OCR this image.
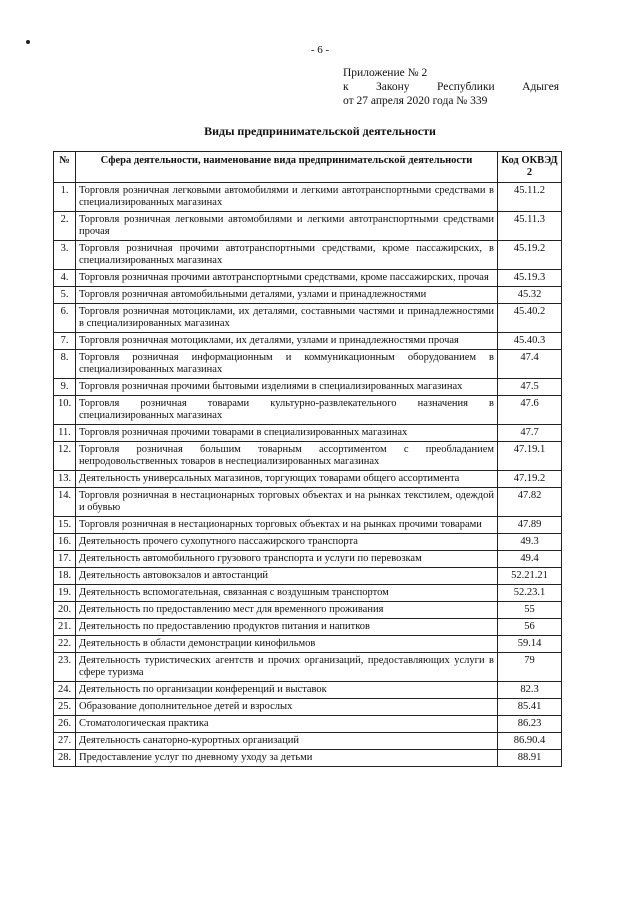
- 6 -
Приложение № 2
к Закону Республики Адыгея
от 27 апреля 2020 года № 339
Виды предпринимательской деятельности
№	Сфера деятельности, наименование вида предпринимательской деятельности	Код ОКВЭД 2
1.	Торговля розничная легковыми автомобилями и легкими автотранспортными средствами в специализированных магазинах	45.11.2
2.	Торговля розничная легковыми автомобилями и легкими автотранспортными средствами прочая	45.11.3
3.	Торговля розничная прочими автотранспортными средствами, кроме пассажирских, в специализированных магазинах	45.19.2
4.	Торговля розничная прочими автотранспортными средствами, кроме пассажирских, прочая	45.19.3
5.	Торговля розничная автомобильными деталями, узлами и принадлежностями	45.32
6.	Торговля розничная мотоциклами, их деталями, составными частями и принадлежностями в специализированных магазинах	45.40.2
7.	Торговля розничная мотоциклами, их деталями, узлами и принадлежностями прочая	45.40.3
8.	Торговля розничная информационным и коммуникационным оборудованием в специализированных магазинах	47.4
9.	Торговля розничная прочими бытовыми изделиями в специализированных магазинах	47.5
10.	Торговля розничная товарами культурно-развлекательного назначения в специализированных магазинах	47.6
11.	Торговля розничная прочими товарами в специализированных магазинах	47.7
12.	Торговля розничная большим товарным ассортиментом с преобладанием непродовольственных товаров в неспециализированных магазинах	47.19.1
13.	Деятельность универсальных магазинов, торгующих товарами общего ассортимента	47.19.2
14.	Торговля розничная в нестационарных торговых объектах и на рынках текстилем, одеждой и обувью	47.82
15.	Торговля розничная в нестационарных торговых объектах и на рынках прочими товарами	47.89
16.	Деятельность прочего сухопутного пассажирского транспорта	49.3
17.	Деятельность автомобильного грузового транспорта и услуги по перевозкам	49.4
18.	Деятельность автовокзалов и автостанций	52.21.21
19.	Деятельность вспомогательная, связанная с воздушным транспортом	52.23.1
20.	Деятельность по предоставлению мест для временного проживания	55
21.	Деятельность по предоставлению продуктов питания и напитков	56
22.	Деятельность в области демонстрации кинофильмов	59.14
23.	Деятельность туристических агентств и прочих организаций, предоставляющих услуги в сфере туризма	79
24.	Деятельность по организации конференций и выставок	82.3
25.	Образование дополнительное детей и взрослых	85.41
26.	Стоматологическая практика	86.23
27.	Деятельность санаторно-курортных организаций	86.90.4
28.	Предоставление услуг по дневному уходу за детьми	88.91
